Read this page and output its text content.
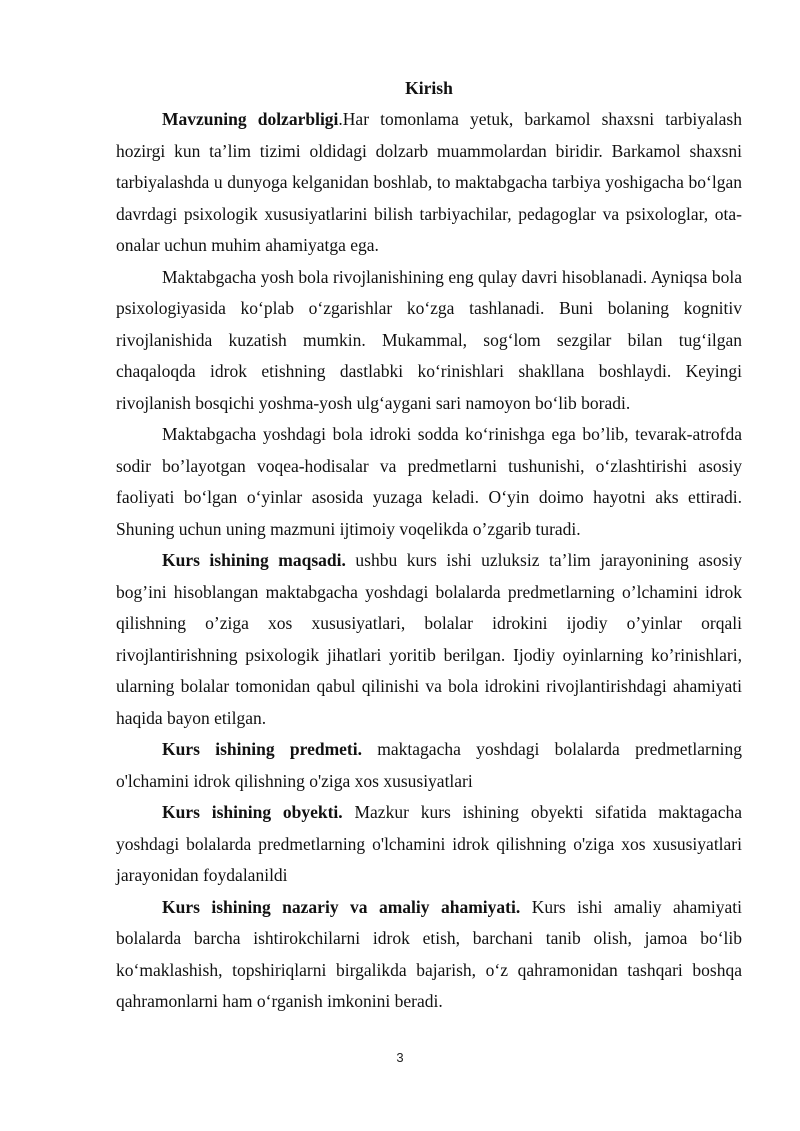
Kirish

Mavzuning dolzarbligi.Har tomonlama yetuk, barkamol shaxsni tarbiyalash hozirgi kun ta’lim tizimi oldidagi dolzarb muammolardan biridir. Barkamol shaxsni tarbiyalashda u dunyoga kelganidan boshlab, to maktabgacha tarbiya yoshigacha bo‘lgan davrdagi psixologik xususiyatlarini bilish tarbiyachilar, pedagoglar va psixologlar, ota-onalar uchun muhim ahamiyatga ega.

Maktabgacha yosh bola rivojlanishining eng qulay davri hisoblanadi. Ayniqsa bola psixologiyasida ko‘plab o‘zgarishlar ko‘zga tashlanadi. Buni bolaning kognitiv rivojlanishida kuzatish mumkin. Mukammal, sog‘lom sezgilar bilan tug‘ilgan chaqaloqda idrok etishning dastlabki ko‘rinishlari shakllana boshlaydi. Keyingi rivojlanish bosqichi yoshma-yosh ulg‘aygani sari namoyon bo‘lib boradi.

Maktabgacha yoshdagi bola idroki sodda ko‘rinishga ega bo’lib, tevarak-atrofda sodir bo’layotgan voqea-hodisalar va predmetlarni tushunishi, o‘zlashtirishi asosiy faoliyati bo‘lgan o‘yinlar asosida yuzaga keladi. O‘yin doimo hayotni aks ettiradi. Shuning uchun uning mazmuni ijtimoiy voqelikda o’zgarib turadi.

Kurs ishining maqsadi. ushbu kurs ishi uzluksiz ta’lim jarayonining asosiy bog’ini hisoblangan maktabgacha yoshdagi bolalarda predmetlarning o’lchamini idrok qilishning o’ziga xos xususiyatlari, bolalar idrokini ijodiy o’yinlar orqali rivojlantirishning psixologik jihatlari yoritib berilgan. Ijodiy oyinlarning ko’rinishlari, ularning bolalar tomonidan qabul qilinishi va bola idrokini rivojlantirishdagi ahamiyati haqida bayon etilgan.

Kurs ishining predmeti. maktagacha yoshdagi bolalarda predmetlarning o'lchamini idrok qilishning o'ziga xos xususiyatlari

Kurs ishining obyekti. Mazkur kurs ishining obyekti sifatida maktagacha yoshdagi bolalarda predmetlarning o'lchamini idrok qilishning o'ziga xos xususiyatlari jarayonidan foydalanildi

Kurs ishining nazariy va amaliy ahamiyati. Kurs ishi amaliy ahamiyati bolalarda barcha ishtirokchilarni idrok etish, barchani tanib olish, jamoa bo‘lib ko‘maklashish, topshiriqlarni birgalikda bajarish, o‘z qahramonidan tashqari boshqa qahramonlarni ham o‘rganish imkonini beradi.

3
